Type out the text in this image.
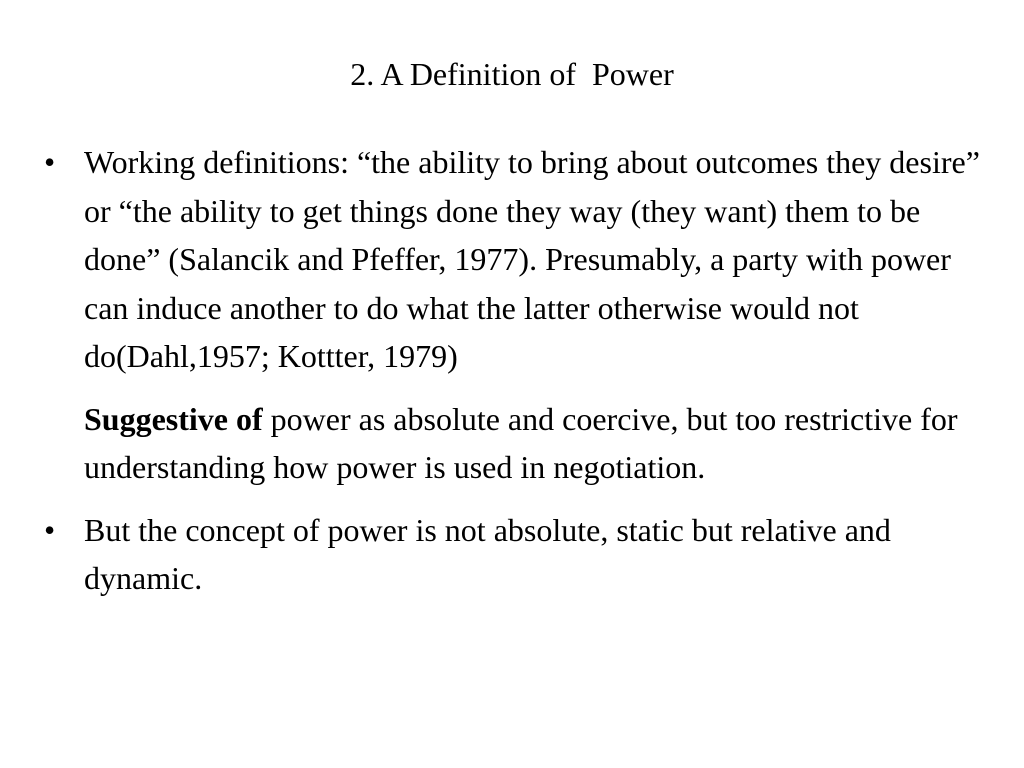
2. A Definition of  Power
• Working definitions: “the ability to bring about outcomes they desire” or “the ability to get things done they way (they want) them to be done” (Salancik and Pfeffer, 1977). Presumably, a party with power can induce another to do what the latter otherwise would not do(Dahl,1957; Kottter, 1979)
Suggestive of power as absolute and coercive, but too restrictive for understanding how power is used in negotiation.
• But the concept of power is not absolute, static but relative and dynamic.
